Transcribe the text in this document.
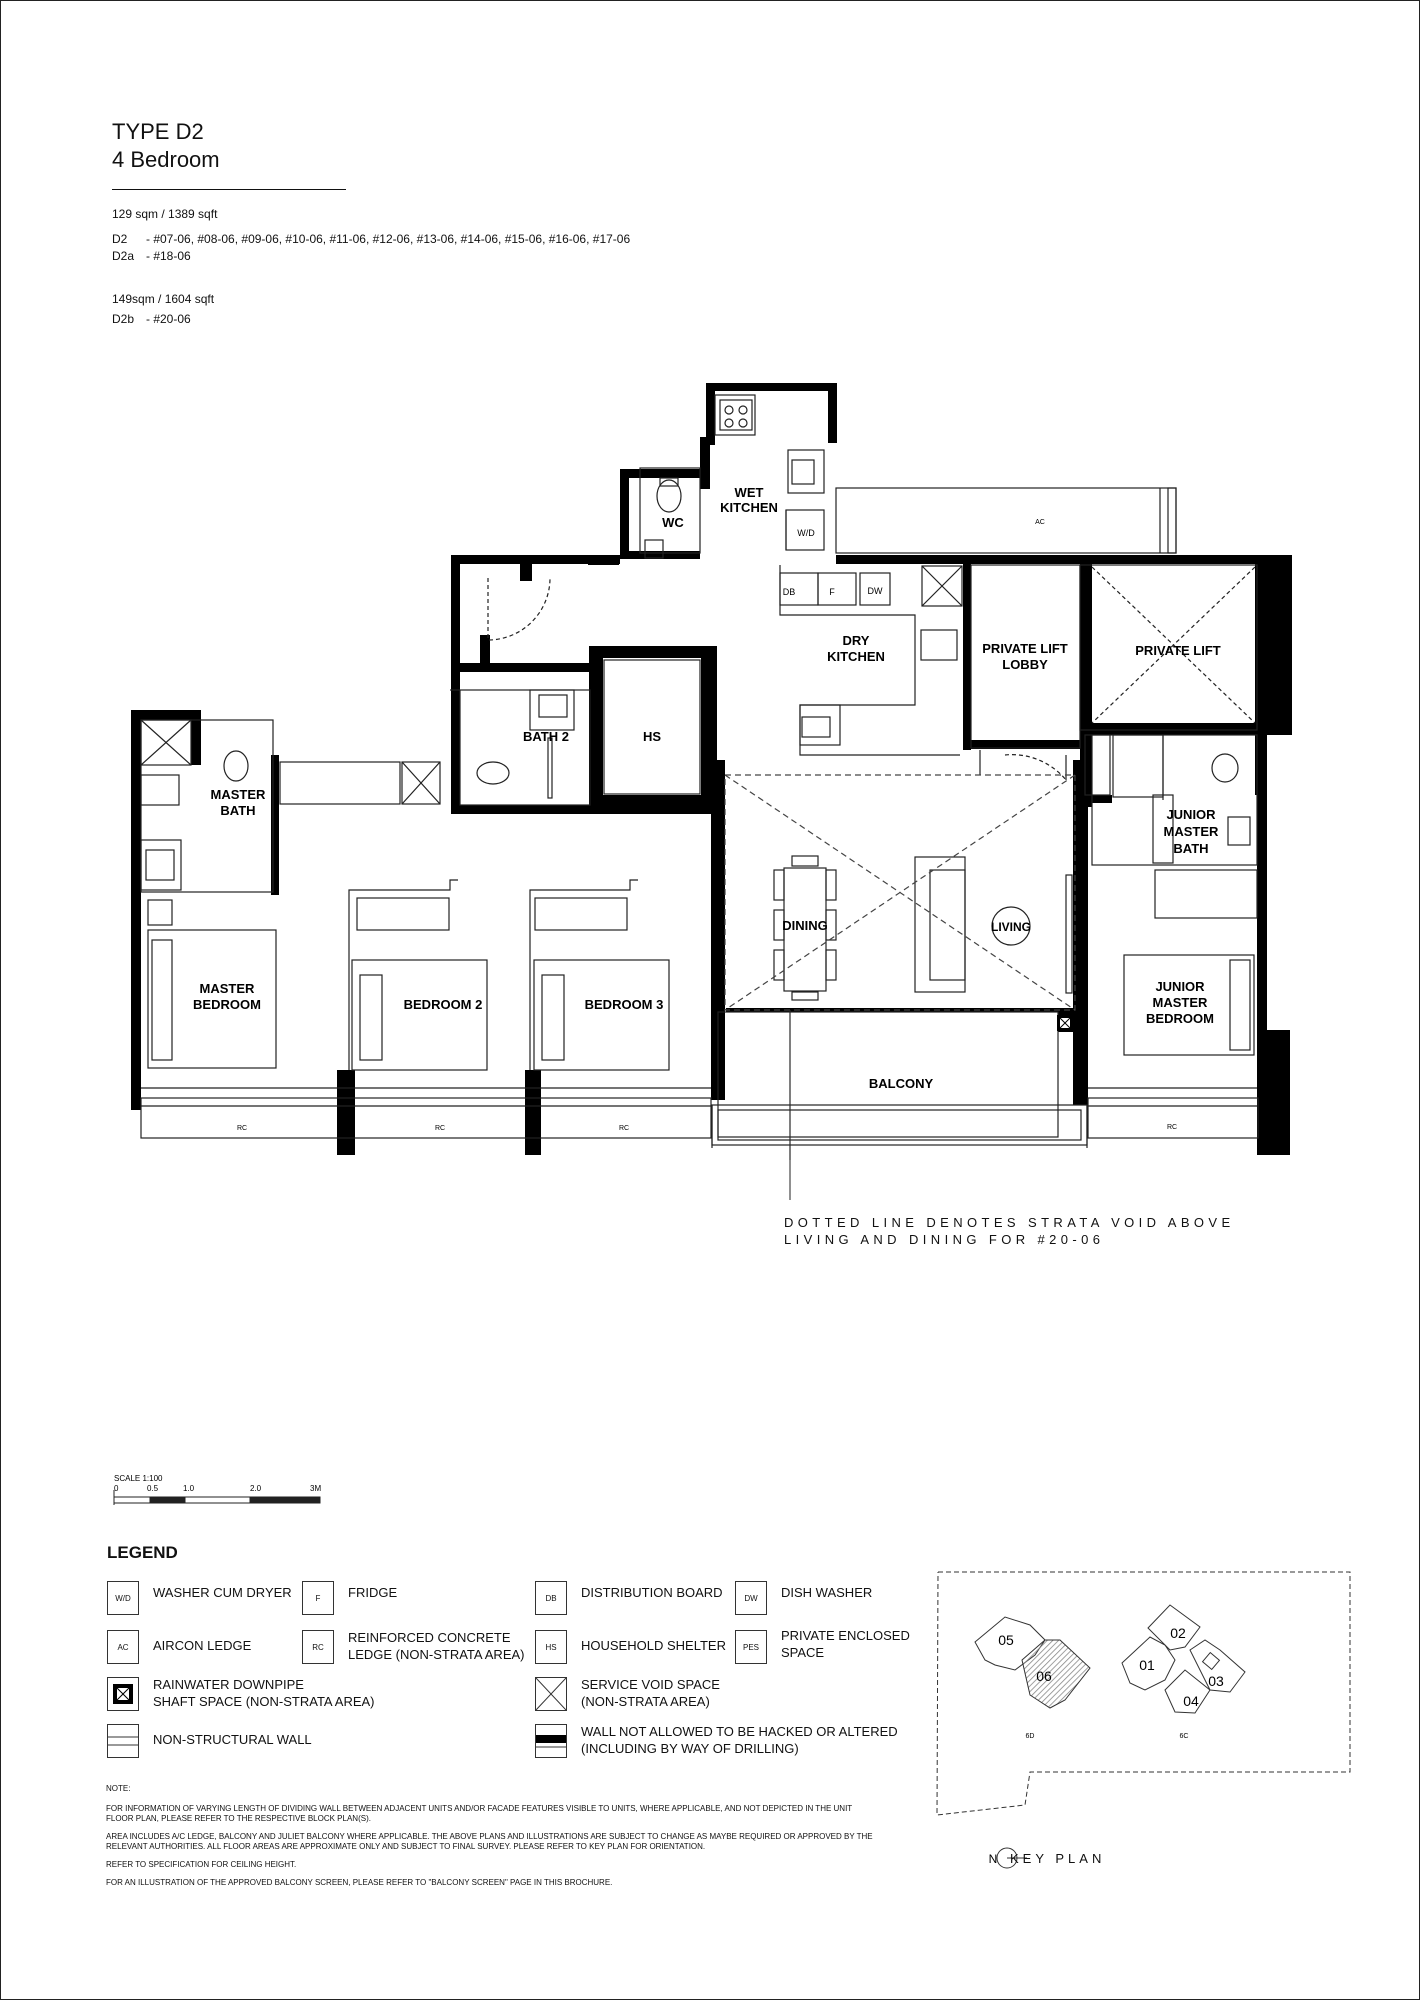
TYPE D2
4 Bedroom
129 sqm / 1389 sqft
D2 - #07-06, #08-06, #09-06, #10-06, #11-06, #12-06, #13-06, #14-06, #15-06, #16-06, #17-06
D2a - #18-06
149sqm / 1604 sqft
D2b - #20-06
WC
WET
KITCHEN
W/D
AC
DB	F	DW
DRY
KITCHEN
PRIVATE LIFT
LOBBY
PRIVATE LIFT
BATH 2	HS
MASTER
BATH	JUNIOR
MASTER
BATH
DINING	LIVING
MASTER
BEDROOM	BEDROOM 2	BEDROOM 3
JUNIOR
MASTER
BEDROOM
BALCONY
RC	RC	RC	RC
05
06
02
01
03
04
6D	6C
N
SCALE 1:100
0	0.5	1.0	2.0	3M
DOTTED LINE DENOTES STRATA VOID ABOVE
LIVING AND DINING FOR #20-06
LEGEND
W/D	WASHER CUM DRYER	F	FRIDGE	DB	DISTRIBUTION BOARD	DW	DISH WASHER
AC	AIRCON LEDGE	RC
REINFORCED CONCRETE
LEDGE (NON-STRATA AREA)	HS	HOUSEHOLD SHELTER	PES
PRIVATE ENCLOSED
SPACE
RAINWATER DOWNPIPE
SHAFT SPACE (NON-STRATA AREA)
SERVICE VOID SPACE
(NON-STRATA AREA)
NON-STRUCTURAL WALL
WALL NOT ALLOWED TO BE HACKED OR ALTERED
(INCLUDING BY WAY OF DRILLING)

NOTE:

FOR INFORMATION OF VARYING LENGTH OF DIVIDING WALL BETWEEN ADJACENT UNITS AND/OR FACADE FEATURES VISIBLE TO UNITS, WHERE APPLICABLE, AND NOT DEPICTED IN THE UNIT FLOOR PLAN, PLEASE REFER TO THE RESPECTIVE BLOCK PLAN(S).

AREA INCLUDES A/C LEDGE, BALCONY AND JULIET BALCONY WHERE APPLICABLE. THE ABOVE PLANS AND ILLUSTRATIONS ARE SUBJECT TO CHANGE AS MAYBE REQUIRED OR APPROVED BY THE RELEVANT AUTHORITIES. ALL FLOOR AREAS ARE APPROXIMATE ONLY AND SUBJECT TO FINAL SURVEY. PLEASE REFER TO KEY PLAN FOR ORIENTATION.

REFER TO SPECIFICATION FOR CEILING HEIGHT.

FOR AN ILLUSTRATION OF THE APPROVED BALCONY SCREEN, PLEASE REFER TO "BALCONY SCREEN" PAGE IN THIS BROCHURE.

KEY PLAN
